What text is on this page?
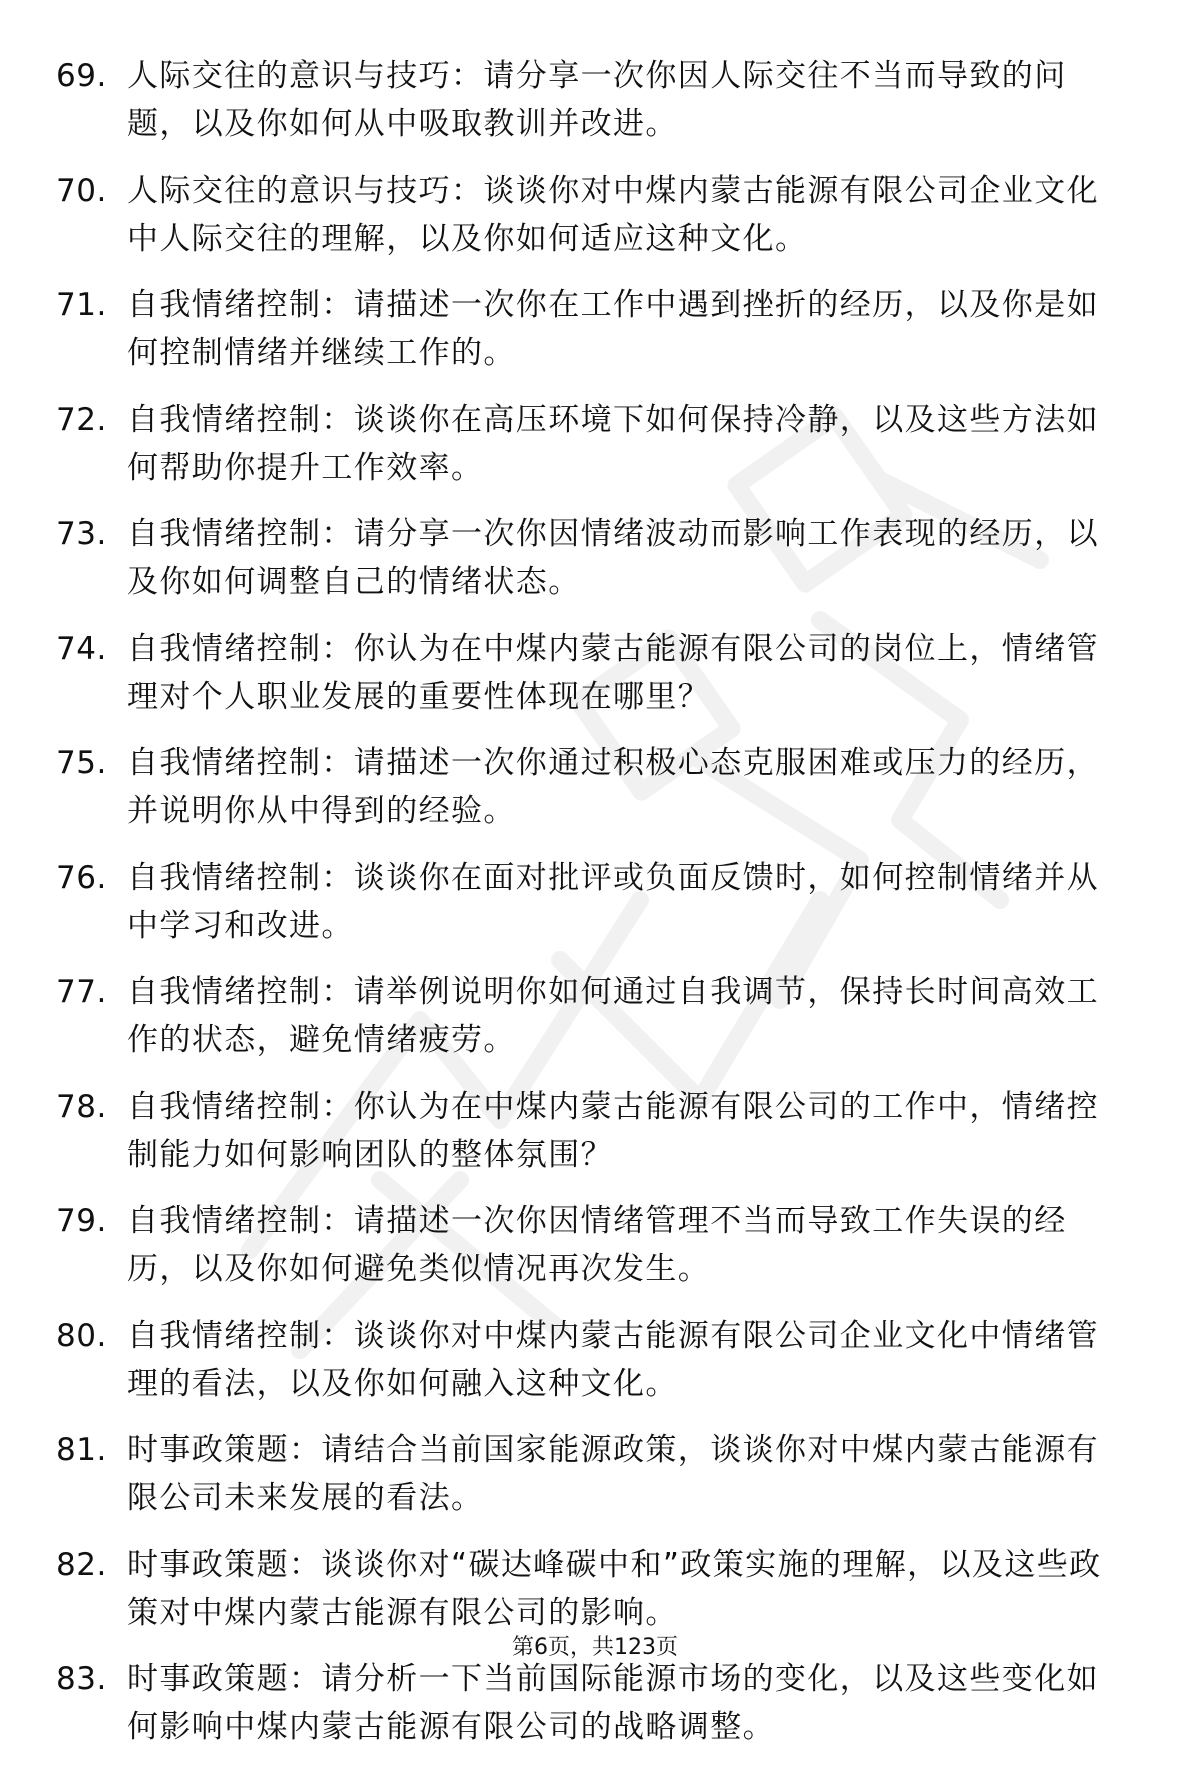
69. 人际交往的意识与技巧：请分享一次你因人际交往不当而导致的问题，以及你如何从中吸取教训并改进。
70. 人际交往的意识与技巧：谈谈你对中煤内蒙古能源有限公司企业文化中人际交往的理解，以及你如何适应这种文化。
71. 自我情绪控制：请描述一次你在工作中遇到挫折的经历，以及你是如何控制情绪并继续工作的。
72. 自我情绪控制：谈谈你在高压环境下如何保持冷静，以及这些方法如何帮助你提升工作效率。
73. 自我情绪控制：请分享一次你因情绪波动而影响工作表现的经历，以及你如何调整自己的情绪状态。
74. 自我情绪控制：你认为在中煤内蒙古能源有限公司的岗位上，情绪管理对个人职业发展的重要性体现在哪里？
75. 自我情绪控制：请描述一次你通过积极心态克服困难或压力的经历，并说明你从中得到的经验。
76. 自我情绪控制：谈谈你在面对批评或负面反馈时，如何控制情绪并从中学习和改进。
77. 自我情绪控制：请举例说明你如何通过自我调节，保持长时间高效工作的状态，避免情绪疲劳。
78. 自我情绪控制：你认为在中煤内蒙古能源有限公司的工作中，情绪控制能力如何影响团队的整体氛围？
79. 自我情绪控制：请描述一次你因情绪管理不当而导致工作失误的经历，以及你如何避免类似情况再次发生。
80. 自我情绪控制：谈谈你对中煤内蒙古能源有限公司企业文化中情绪管理的看法，以及你如何融入这种文化。
81. 时事政策题：请结合当前国家能源政策，谈谈你对中煤内蒙古能源有限公司未来发展的看法。
82. 时事政策题：谈谈你对“碳达峰碳中和”政策实施的理解，以及这些政策对中煤内蒙古能源有限公司的影响。
83. 时事政策题：请分析一下当前国际能源市场的变化，以及这些变化如何影响中煤内蒙古能源有限公司的战略调整。
第6页，共123页
